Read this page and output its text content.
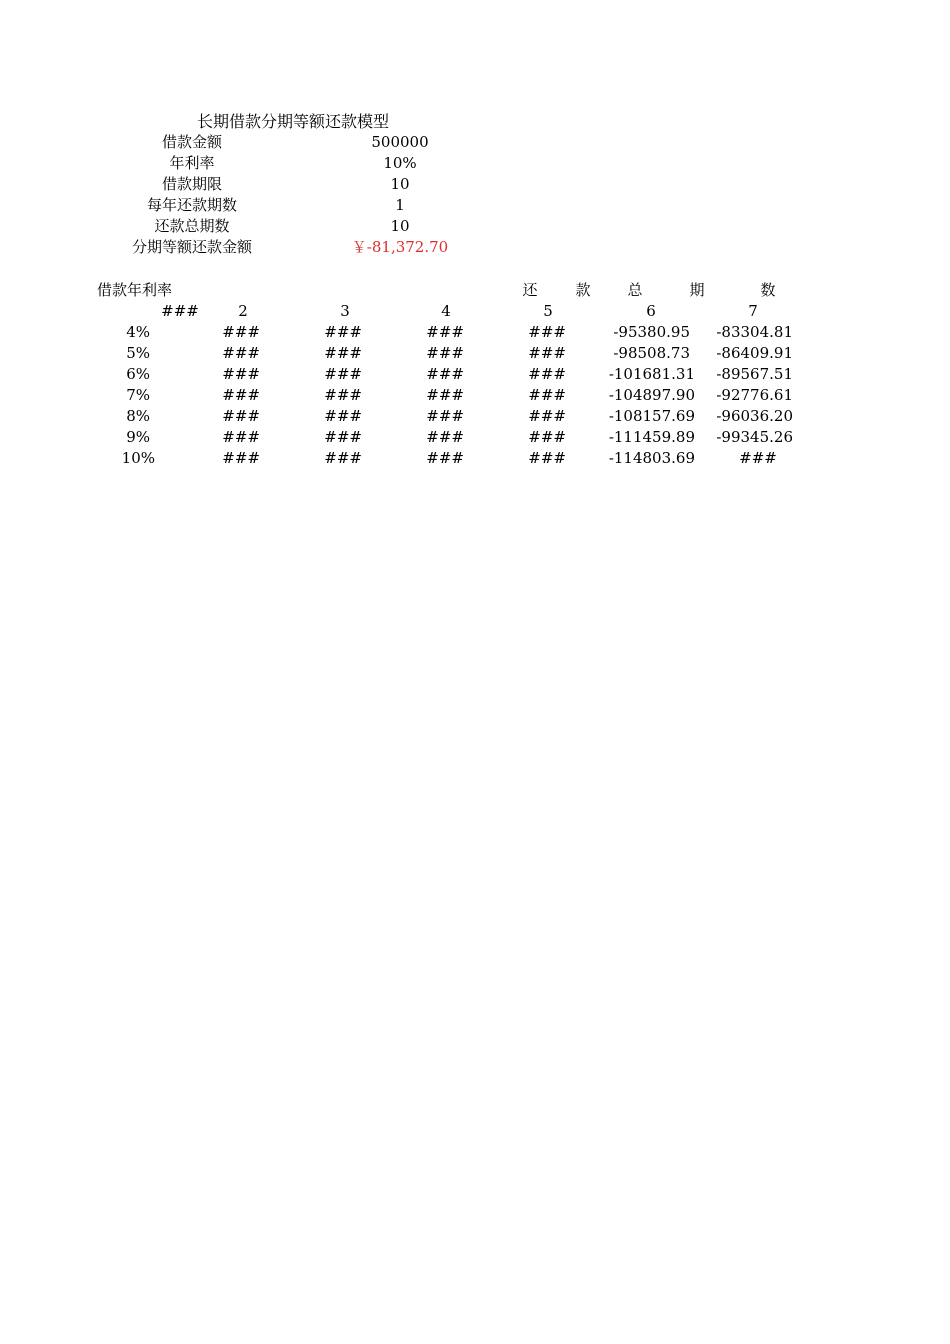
长期借款分期等额还款模型
借款金额	500000
年利率	10%
借款期限	10
每年还款期数	1
还款总期数	10
分期等额还款金额	￥-81,372.70
借款年利率	还	款 总	期	数
###	2	3	4	5	6	7
4%	###	###	###	###	-95380.95 -83304.81
5%	###	###	###	###	-98508.73 -86409.91
6%	###	###	###	###	-101681.31 -89567.51
7%	###	###	###	###	-104897.90 -92776.61
8%	###	###	###	###	-108157.69 -96036.20
9%	###	###	###	###	-111459.89 -99345.26
10%	###	###	###	###	-114803.69	###
